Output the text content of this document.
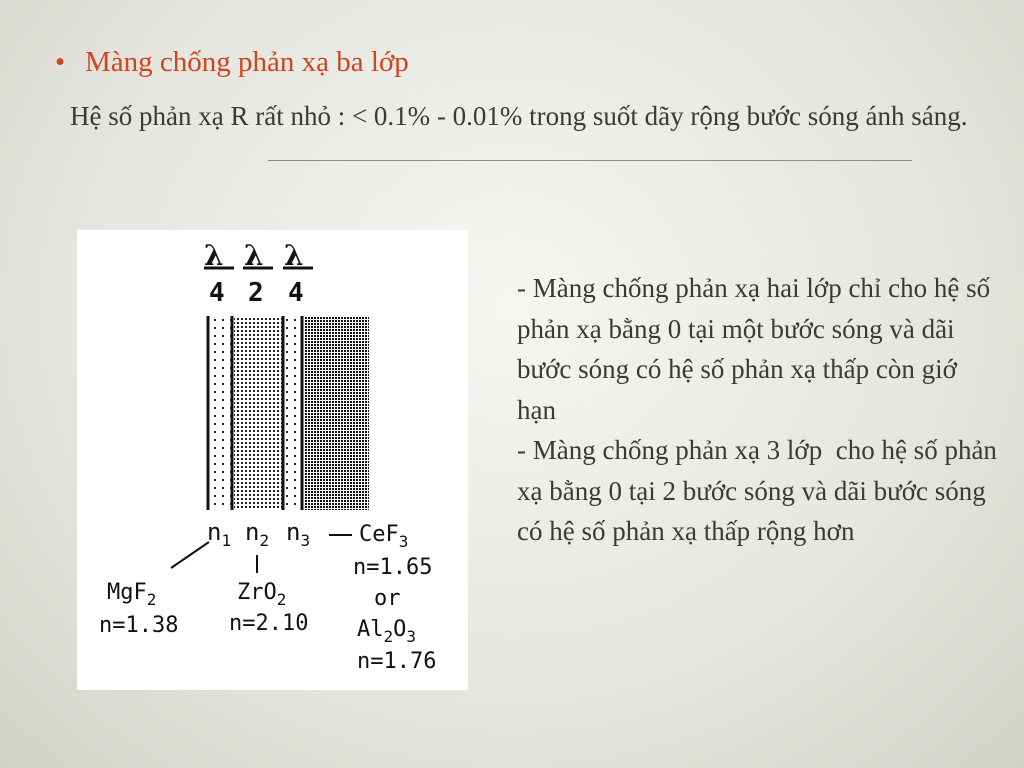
• Màng chống phản xạ ba lớp
Hệ số phản xạ R rất nhỏ : < 0.1% - 0.01% trong suốt dãy rộng bước sóng ánh sáng.
λ λ λ
4 2 4
$n_1$ $n_2$ $n_3$ CeF$_3$
n=1.65
or
$Al_2O_3$
n=1.76
MgF$_2$
n=1.38
ZrO$_2$
n=2.10
- Màng chống phản xạ hai lớp chỉ cho hệ số phản xạ bằng 0 tại một bước sóng và dãi bước sóng có hệ số phản xạ thấp còn giớ hạn
- Màng chống phản xạ 3 lớp  cho hệ số phản xạ bằng 0 tại 2 bước sóng và dãi bước sóng có hệ số phản xạ thấp rộng hơn
